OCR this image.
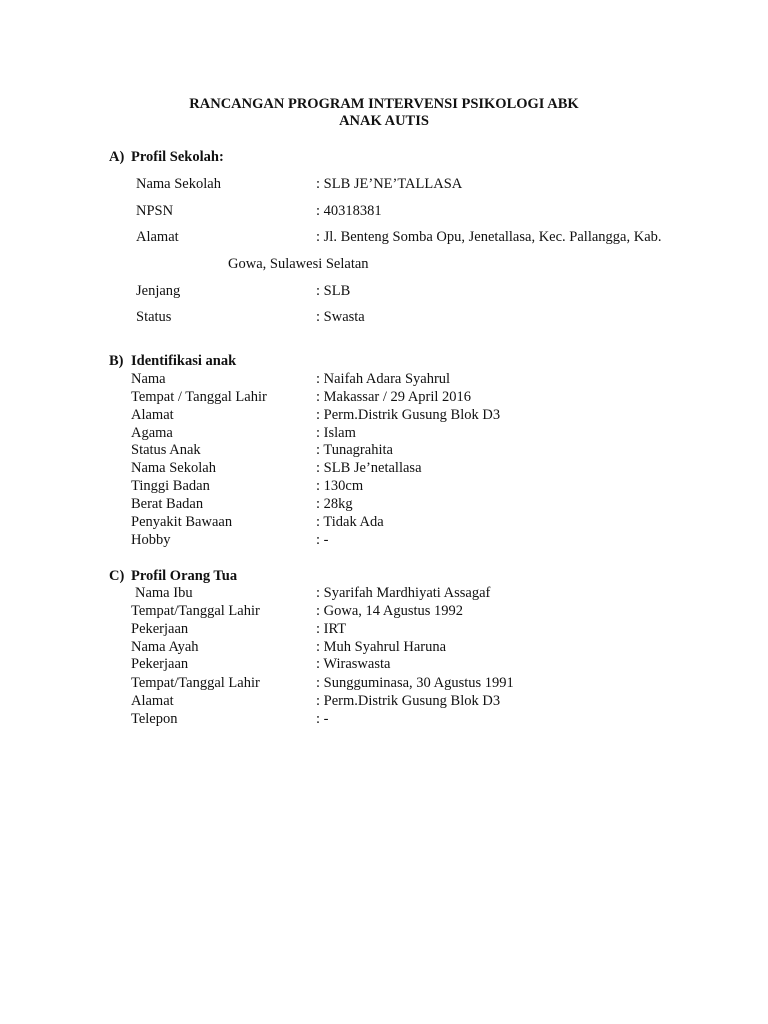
RANCANGAN PROGRAM INTERVENSI PSIKOLOGI ABK
ANAK AUTIS
A) Profil Sekolah:
Nama Sekolah	: SLB JE’NE’TALLASA
NPSN	: 40318381
Alamat	: Jl. Benteng Somba Opu, Jenetallasa, Kec. Pallangga, Kab.
Gowa, Sulawesi Selatan
Jenjang	: SLB
Status	: Swasta
B) Identifikasi anak
Nama	: Naifah Adara Syahrul
Tempat / Tanggal Lahir	: Makassar / 29 April 2016
Alamat	: Perm.Distrik Gusung Blok D3
Agama	: Islam
Status Anak	: Tunagrahita
Nama Sekolah	: SLB Je’netallasa
Tinggi Badan	: 130cm
Berat Badan	: 28kg
Penyakit Bawaan	: Tidak Ada
Hobby	: -
C) Profil Orang Tua
Nama Ibu	: Syarifah Mardhiyati Assagaf
Tempat/Tanggal Lahir	: Gowa, 14 Agustus 1992
Pekerjaan	: IRT
Nama Ayah	: Muh Syahrul Haruna
Pekerjaan	: Wiraswasta
Tempat/Tanggal Lahir	: Sungguminasa, 30 Agustus 1991
Alamat	: Perm.Distrik Gusung Blok D3
Telepon	: -
